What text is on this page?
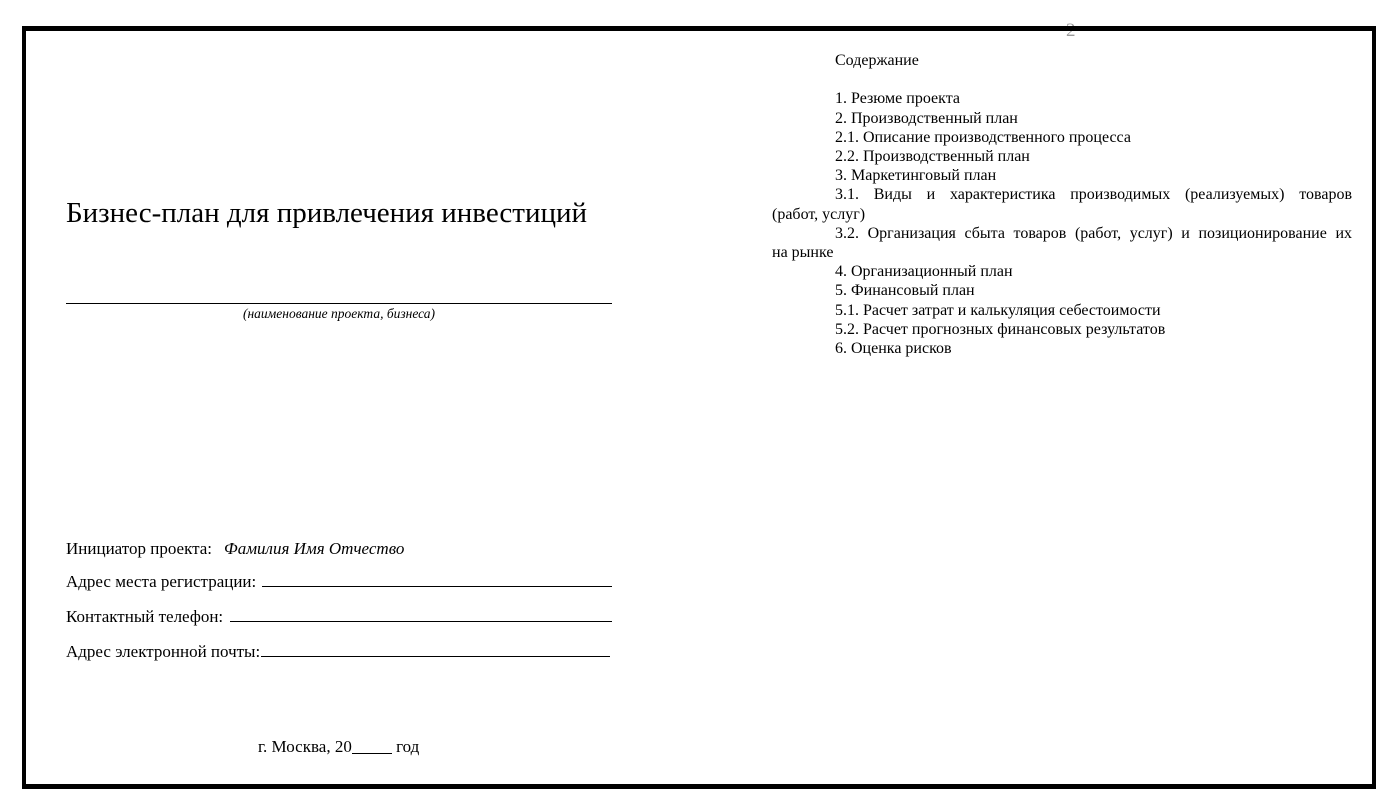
2
Бизнес-план для привлечения инвестиций
(наименование проекта, бизнеса)
Инициатор проекта: Фамилия Имя Отчество
Адрес места регистрации:
Контактный телефон:
Адрес электронной почты:
г. Москва, 20	год
Содержание
1. Резюме проекта
2. Производственный план
2.1. Описание производственного процесса
2.2. Производственный план
3. Маркетинговый план
3.1. Виды и характеристика производимых (реализуемых) товаров
(работ, услуг)
3.2. Организация сбыта товаров (работ, услуг) и позиционирование их
на рынке
4. Организационный план
5. Финансовый план
5.1. Расчет затрат и калькуляция себестоимости
5.2. Расчет прогнозных финансовых результатов
6. Оценка рисков
